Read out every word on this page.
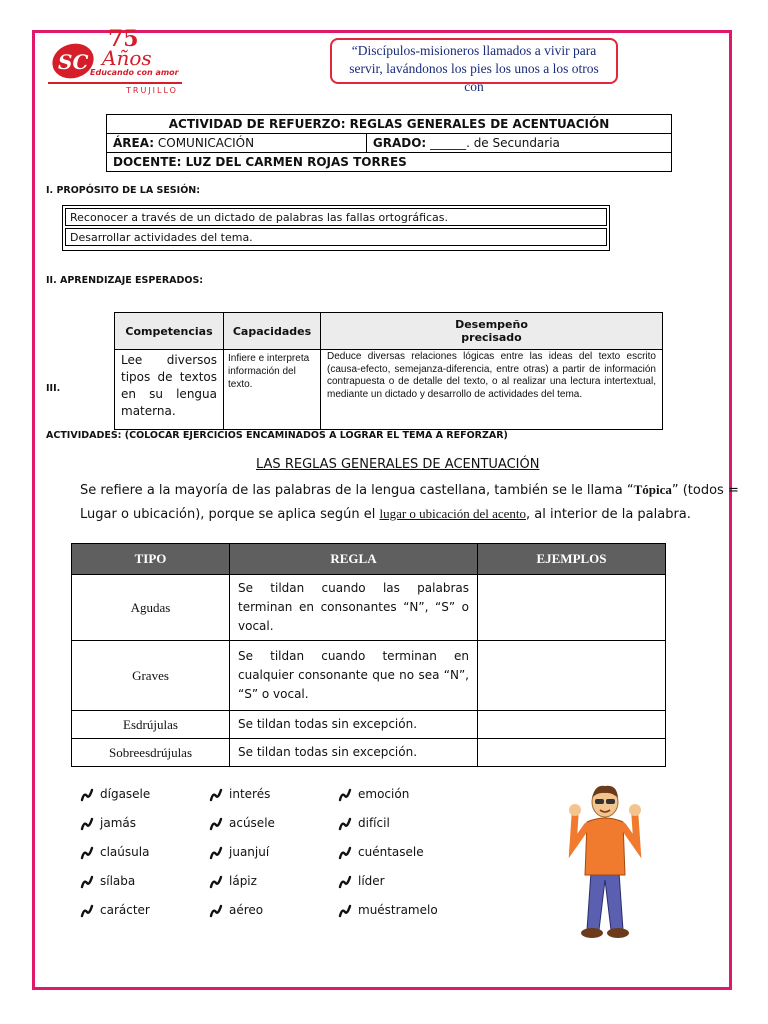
SC
75
Años
Educando con amor
TRUJILLO
“Discípulos-misioneros llamados a vivir para servir, lavándonos los pies los unos a los otros con
ACTIVIDAD DE REFUERZO: REGLAS GENERALES DE ACENTUACIÓN
ÁREA: COMUNICACIÓN	GRADO: ______. de Secundaria
DOCENTE: LUZ DEL CARMEN ROJAS TORRES
I. PROPÓSITO DE LA SESIÓN:
Reconocer a través de un dictado de palabras las fallas ortográficas.
Desarrollar actividades del tema.
II. APRENDIZAJE ESPERADOS:
III.
Competencias	Capacidades	Desempeño
precisado
Lee diversos tipos de textos en su lengua materna.	Infiere e interpreta información del texto.	Deduce diversas relaciones lógicas entre las ideas del texto escrito (causa-efecto, semejanza-diferencia, entre otras) a partir de información contrapuesta o de detalle del texto, o al realizar una lectura intertextual, mediante un dictado y desarrollo de actividades del tema.
ACTIVIDADES: (COLOCAR EJERCICIOS ENCAMINADOS A LOGRAR EL TEMA A REFORZAR)
LAS REGLAS GENERALES DE ACENTUACIÓN
Se refiere a la mayoría de las palabras de la lengua castellana, también se le llama “Tópica” (todos = Lugar o ubicación), porque se aplica según el lugar o ubicación del acento, al interior de la palabra.
TIPO	REGLA	EJEMPLOS
Agudas	Se tildan cuando las palabras terminan en consonantes “N”, “S” o vocal.	
Graves	Se tildan cuando terminan en cualquier consonante que no sea “N”, “S” o vocal.	
Esdrújulas	Se tildan todas sin excepción.	
Sobreesdrújulas	Se tildan todas sin excepción.	
dígasele
jamás
claúsula
sílaba
carácter
interés
acúsele
juanjuí
lápiz
aéreo
emoción
difícil
cuéntasele
líder
muéstramelo
